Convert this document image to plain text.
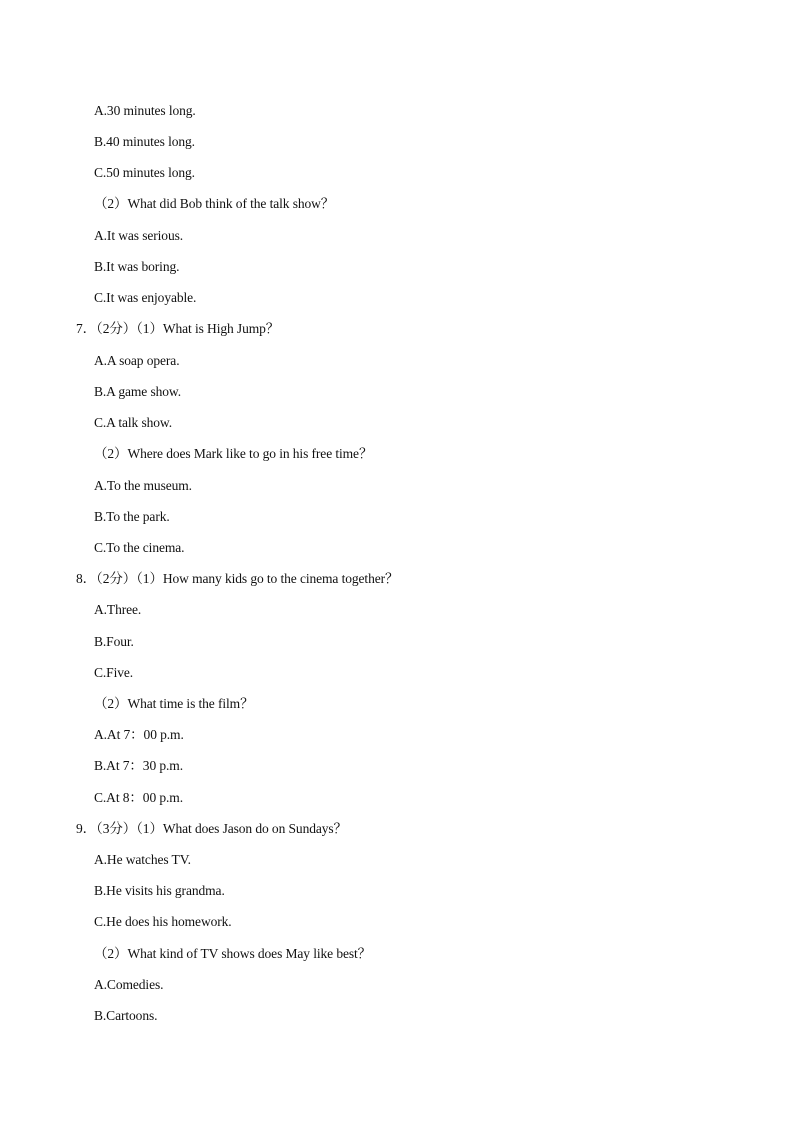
A.30 minutes long.
B.40 minutes long.
C.50 minutes long.
（2）What did Bob think of the talk show？
A.It was serious.
B.It was boring.
C.It was enjoyable.
7．（2分）（1）What is High Jump？
A.A soap opera.
B.A game show.
C.A talk show.
（2）Where does Mark like to go in his free time？
A.To the museum.
B.To the park.
C.To the cinema.
8．（2分）（1）How many kids go to the cinema together？
A.Three.
B.Four.
C.Five.
（2）What time is the film？
A.At 7：00 p.m.
B.At 7：30 p.m.
C.At 8：00 p.m.
9．（3分）（1）What does Jason do on Sundays？
A.He watches TV.
B.He visits his grandma.
C.He does his homework.
（2）What kind of TV shows does May like best？
A.Comedies.
B.Cartoons.
